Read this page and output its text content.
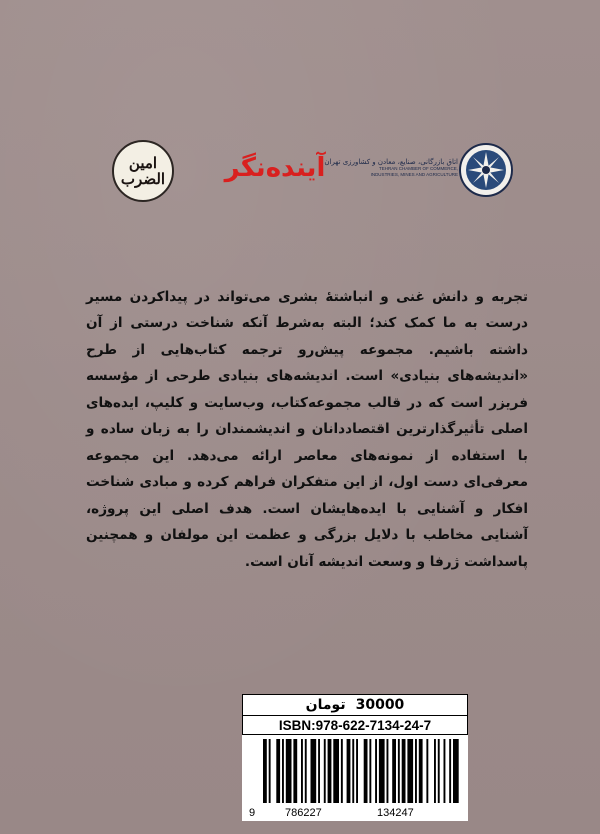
امین الضرب آینده‌نگر اتاق بازرگانی، صنایع، معادن و کشاورزی تهران
TEHRAN CHAMBER OF COMMERCE,
INDUSTRIES, MINES AND AGRICULTURE

تجربه و دانش غنی و انباشتهٔ بشری می‌تواند در پیداکردن مسیر درست به ما کمک کند؛ البته به‌شرط آنکه شناخت درستی از آن داشته باشیم. مجموعه پیش‌رو ترجمه کتاب‌هایی از طرح «اندیشه‌های بنیادی» است. اندیشه‌های بنیادی طرحی از مؤسسه فریزر است که در قالب مجموعه‌کتاب، وب‌سایت و کلیپ، ایده‌های اصلی تأثیرگذارترین اقتصاددانان و اندیشمندان را به زبان ساده و با استفاده از نمونه‌های معاصر ارائه می‌دهد. این مجموعه معرفی‌ای دست اول، از این متفکران فراهم کرده و مبادی شناخت افکار و آشنایی با ایده‌هایشان است. هدف اصلی این پروژه، آشنایی مخاطب با دلایل بزرگی و عظمت این مولفان و همچنین پاسداشت ژرفا و وسعت اندیشه آنان است.

تومان 30000
ISBN:978-622-7134-24-7
9	786227	134247
